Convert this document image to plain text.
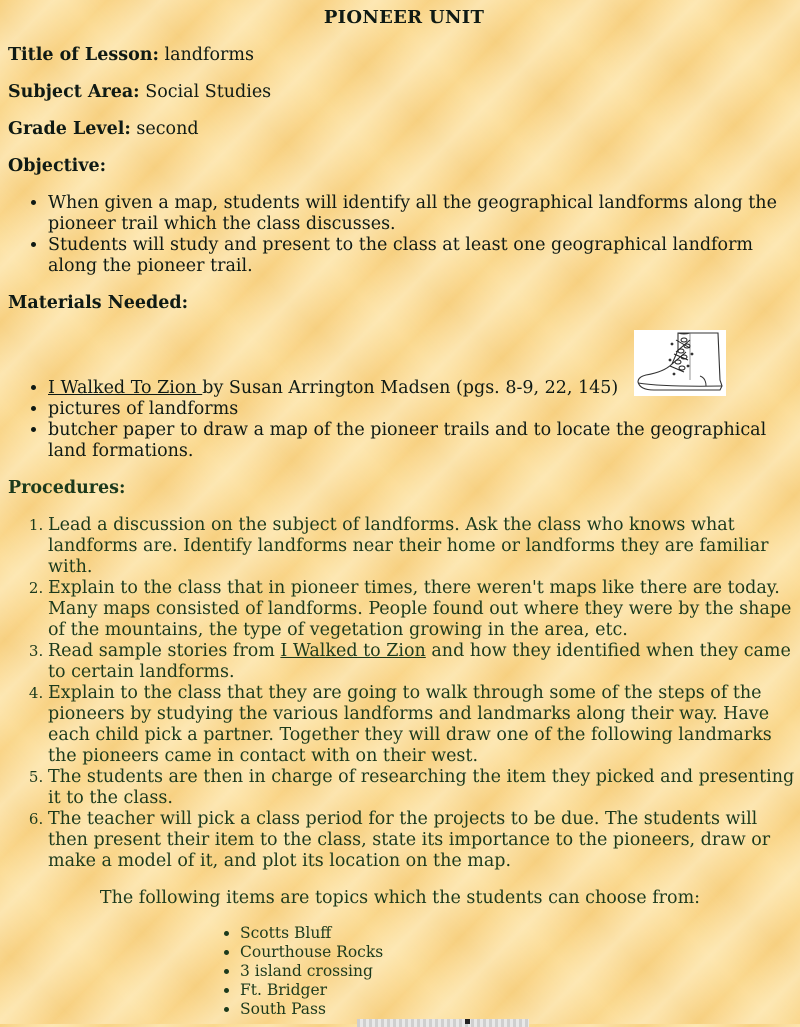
PIONEER UNIT

Title of Lesson: landforms

Subject Area: Social Studies

Grade Level: second

Objective:

• When given a map, students will identify all the geographical landforms along the pioneer trail which the class discusses.
• Students will study and present to the class at least one geographical landform along the pioneer trail.

Materials Needed:

• I Walked To Zion by Susan Arrington Madsen (pgs. 8-9, 22, 145)
• pictures of landforms
• butcher paper to draw a map of the pioneer trails and to locate the geographical land formations.

Procedures:

1. Lead a discussion on the subject of landforms. Ask the class who knows what landforms are. Identify landforms near their home or landforms they are familiar with.
2. Explain to the class that in pioneer times, there weren't maps like there are today. Many maps consisted of landforms. People found out where they were by the shape of the mountains, the type of vegetation growing in the area, etc.
3. Read sample stories from I Walked to Zion and how they identified when they came to certain landforms.
4. Explain to the class that they are going to walk through some of the steps of the pioneers by studying the various landforms and landmarks along their way. Have each child pick a partner. Together they will draw one of the following landmarks the pioneers came in contact with on their west.
5. The students are then in charge of researching the item they picked and presenting it to the class.
6. The teacher will pick a class period for the projects to be due. The students will then present their item to the class, state its importance to the pioneers, draw or make a model of it, and plot its location on the map.
The following items are topics which the students can choose from:
• Scotts Bluff
• Courthouse Rocks
• 3 island crossing
• Ft. Bridger
• South Pass
